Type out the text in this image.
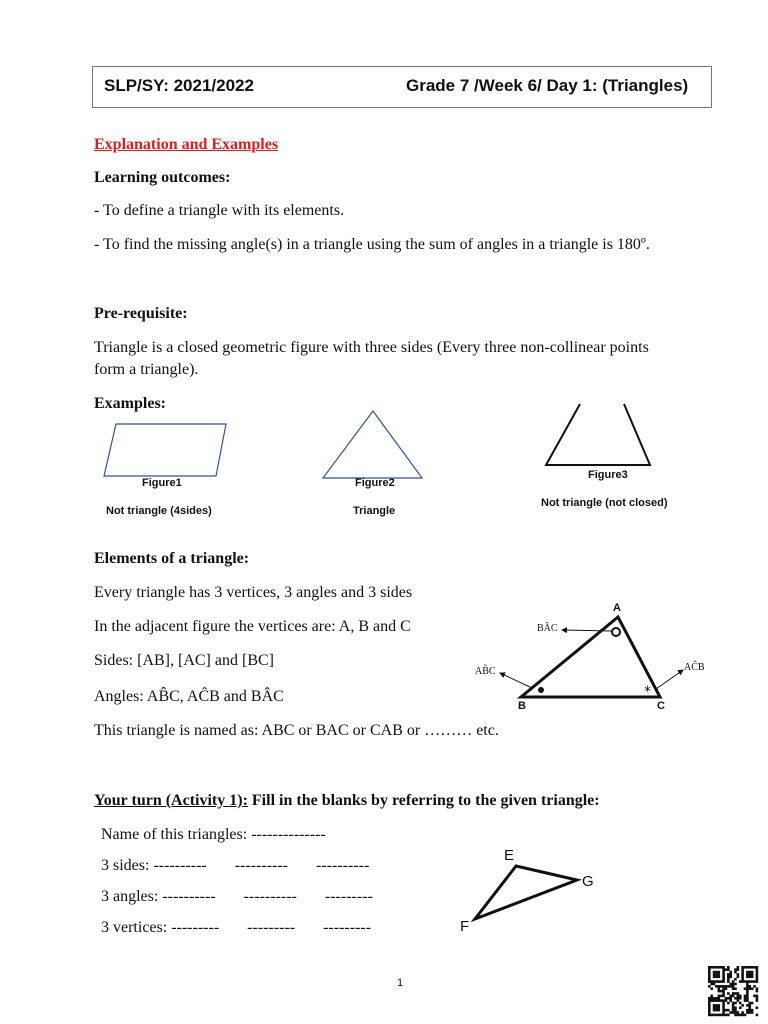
SLP/SY: 2021/2022	Grade 7 /Week 6/ Day 1: (Triangles)
Explanation and Examples
Learning outcomes:
- To define a triangle with its elements.
- To find the missing angle(s) in a triangle using the sum of angles in a triangle is 180º.
Pre-requisite:
Triangle is a closed geometric figure with three sides (Every three non-collinear points
form a triangle).
Examples:
Figure1
Not triangle (4sides)
Figure2
Triangle
Figure3
Not triangle (not closed)
Elements of a triangle:
Every triangle has 3 vertices, 3 angles and 3 sides
In the adjacent figure the vertices are: A, B and C
Sides: [AB], [AC] and [BC]
Angles: AB̂C, AĈB and BÂC
This triangle is named as: ABC or BAC or CAB or ……… etc.
*
A
B	C
BÂC
AB̂C	AĈB
Your turn (Activity 1): Fill in the blanks by referring to the given triangle:
Name of this triangles: --------------
3 sides: ----------       ----------       ----------
3 angles: ----------       ----------       ---------
3 vertices: ---------       ---------       ---------
E
G
F
1
